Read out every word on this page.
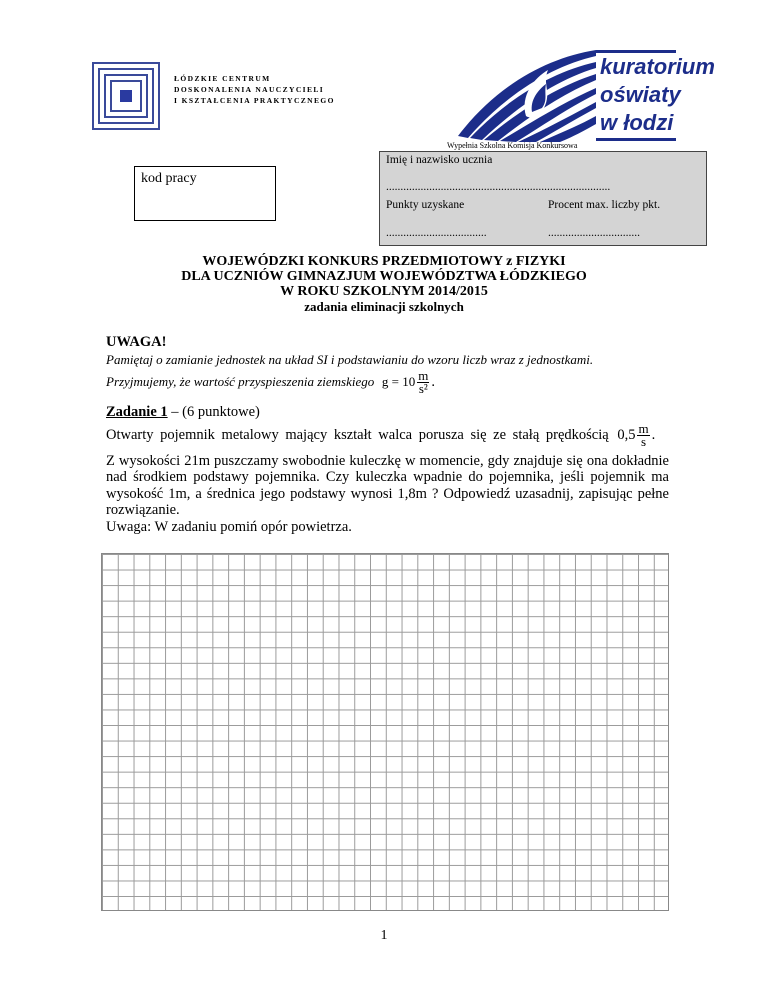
ŁÓDZKIE CENTRUM
DOSKONALENIA NAUCZYCIELI
I KSZTAŁCENIA PRAKTYCZNEGO
kuratorium
oświaty
w łodzi
Wypełnia Szkolna Komisja Konkursowa
Imię i nazwisko ucznia
..............................................................................
Punkty uzyskane	Procent max. liczby pkt.
...................................	................................
kod pracy
WOJEWÓDZKI KONKURS PRZEDMIOTOWY z FIZYKI
DLA UCZNIÓW GIMNAZJUM WOJEWÓDZTWA ŁÓDZKIEGO
W ROKU SZKOLNYM 2014/2015
zadania eliminacji szkolnych
UWAGA!
Pamiętaj o zamianie jednostek na układ SI i podstawianiu do wzoru liczb wraz z jednostkami.
Przyjmujemy, że wartość przyspieszenia ziemskiego $g = 10 \frac{m}{\text{s²}}$ .
Zadanie 1 – (6 punktowe)
Otwarty pojemnik metalowy mający kształt walca porusza się ze stałą prędkością $0,5 \frac{m}{s}$ .
Z wysokości 21m puszczamy swobodnie kuleczkę w momencie, gdy znajduje się ona dokładnie nad środkiem podstawy pojemnika. Czy kuleczka wpadnie do pojemnika, jeśli pojemnik ma wysokość 1m, a średnica jego podstawy wynosi 1,8m ? Odpowiedź uzasadnij, zapisując pełne rozwiązanie.
Uwaga: W zadaniu pomiń opór powietrza.
1
